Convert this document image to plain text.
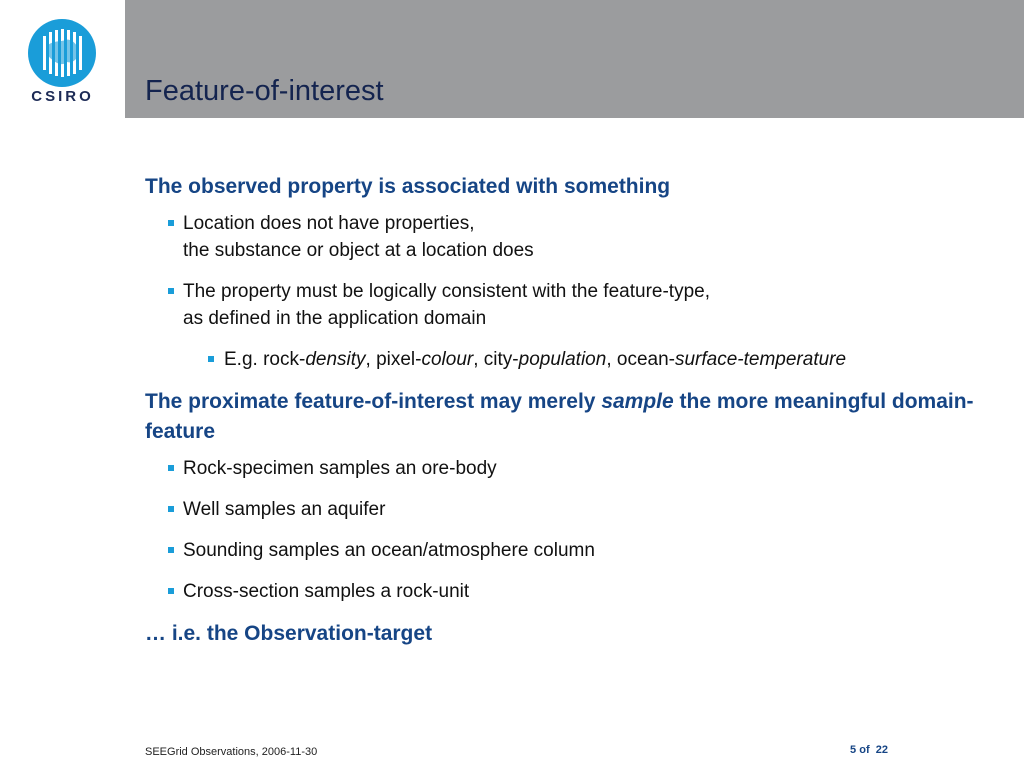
CSIRO	Feature-of-interest
The observed property is associated with something
Location does not have properties,
the substance or object at a location does
The property must be logically consistent with the feature-type,
as defined in the application domain
E.g. rock-density, pixel-colour, city-population, ocean-surface-temperature
The proximate feature-of-interest may merely sample the more meaningful domain-feature
Rock-specimen samples an ore-body
Well samples an aquifer
Sounding samples an ocean/atmosphere column
Cross-section samples a rock-unit
… i.e. the Observation-target
SEEGrid Observations, 2006-11-30	5 of 22
